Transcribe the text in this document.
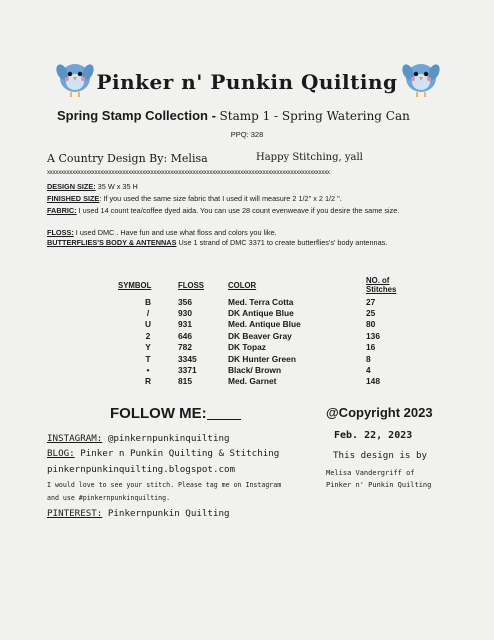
Pinker n' Punkin Quilting
Spring Stamp Collection - Stamp 1 - Spring Watering Can
PPQ: 328
A Country Design By: Melisa	Happy Stitching, yall
xxxxxxxxxxxxxxxxxxxxxxxxxxxxxxxxxxxxxxxxxxxxxxxxxxxxxxxxxxxxxxxxxxxxxxxxxxxxxxxxxxxxxxxxxxxxxxxxxxxxx
DESIGN SIZE: 35 W x 35 H
FINISHED SIZE: If you used the same size fabric that I used it will measure 2 1/2" x 2 1/2 ".
FABRIC: I used 14 count tea/coffee dyed aida. You can use 28 count evenweave if you desire the same size.
FLOSS: I used DMC . Have fun and use what floss and colors you like.
BUTTERFLIES'S BODY & ANTENNAS Use 1 strand of DMC 3371 to create butterflies's' body antennas.
SYMBOL	FLOSS	COLOR	NO. of Stitches
B	356	Med. Terra Cotta	27
/	930	DK Antique Blue	25
U	931	Med. Antique Blue	80
2	646	DK Beaver Gray	136
Y	782	DK Topaz	16
T	3345	DK Hunter Green	8
•	3371	Black/ Brown	4
R	815	Med. Garnet	148
FOLLOW ME:
INSTAGRAM: @pinkernpunkinquilting
BLOG: Pinker n Punkin Quilting & Stitching
pinkernpunkinquilting.blogspot.com
I would love to see your stitch. Please tag me on Instagram
and use #pinkernpunkinquilting.
PINTEREST: Pinkernpunkin Quilting
@Copyright 2023
Feb. 22, 2023
This design is by
Melisa Vandergriff of
Pinker n' Punkin Quilting
